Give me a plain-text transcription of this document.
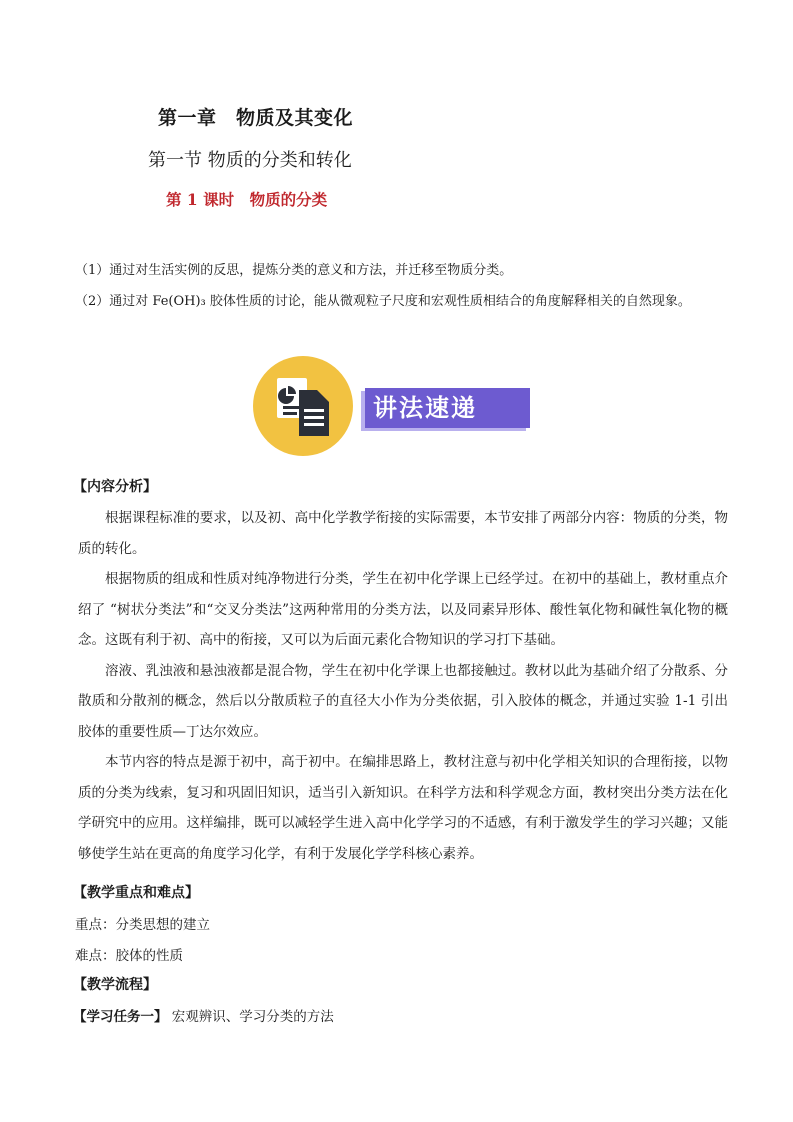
第一章　物质及其变化
第一节 物质的分类和转化
第 1 课时　物质的分类
（1）通过对生活实例的反思，提炼分类的意义和方法，并迁移至物质分类。
（2）通过对 Fe(OH)₃ 胶体性质的讨论，能从微观粒子尺度和宏观性质相结合的角度解释相关的自然现象。
讲法速递
【内容分析】

根据课程标准的要求，以及初、高中化学教学衔接的实际需要，本节安排了两部分内容：物质的分类，物质的转化。

根据物质的组成和性质对纯净物进行分类，学生在初中化学课上已经学过。在初中的基础上，教材重点介绍了 “树状分类法”和“交叉分类法”这两种常用的分类方法，以及同素异形体、酸性氧化物和碱性氧化物的概念。这既有利于初、高中的衔接，又可以为后面元素化合物知识的学习打下基础。

溶液、乳浊液和悬浊液都是混合物，学生在初中化学课上也都接触过。教材以此为基础介绍了分散系、分散质和分散剂的概念，然后以分散质粒子的直径大小作为分类依据，引入胶体的概念，并通过实验 1-1 引出胶体的重要性质—丁达尔效应。

本节内容的特点是源于初中，高于初中。在编排思路上，教材注意与初中化学相关知识的合理衔接，以物质的分类为线索，复习和巩固旧知识，适当引入新知识。在科学方法和科学观念方面，教材突出分类方法在化学研究中的应用。这样编排，既可以减轻学生进入高中化学学习的不适感，有利于激发学生的学习兴趣；又能够使学生站在更高的角度学习化学，有利于发展化学学科核心素养。

【教学重点和难点】
重点：分类思想的建立
难点：胶体的性质
【教学流程】
【学习任务一】 宏观辨识、学习分类的方法
